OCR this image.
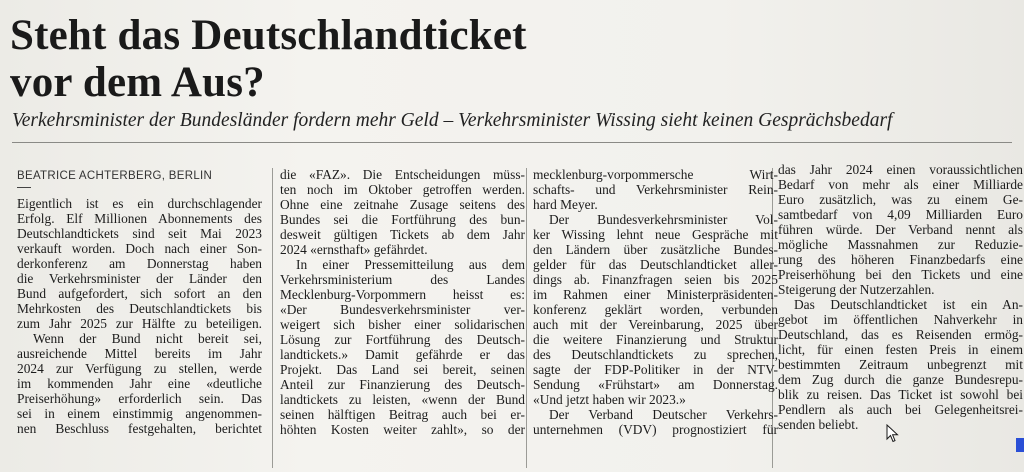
Steht das Deutschlandticket
vor dem Aus?
Verkehrsminister der Bundesländer fordern mehr Geld – Verkehrsminister Wissing sieht keinen Gesprächsbedarf
BEATRICE ACHTERBERG, BERLIN
Eigentlich ist es ein durchschlagender
Erfolg. Elf Millionen Abonnements des
Deutschlandtickets sind seit Mai 2023
verkauft worden. Doch nach einer Son-
derkonferenz am Donnerstag haben
die Verkehrsminister der Länder den
Bund aufgefordert, sich sofort an den
Mehrkosten des Deutschlandtickets bis
zum Jahr 2025 zur Hälfte zu beteiligen.
Wenn der Bund nicht bereit sei,
ausreichende Mittel bereits im Jahr
2024 zur Verfügung zu stellen, werde
im kommenden Jahr eine «deutliche
Preiserhöhung» erforderlich sein. Das
sei in einem einstimmig angenommen-
nen Beschluss festgehalten, berichtet
die «FAZ». Die Entscheidungen müss-
ten noch im Oktober getroffen werden.
Ohne eine zeitnahe Zusage seitens des
Bundes sei die Fortführung des bun-
desweit gültigen Tickets ab dem Jahr
2024 «ernsthaft» gefährdet.
In einer Pressemitteilung aus dem
Verkehrsministerium des Landes
Mecklenburg-Vorpommern heisst es:
«Der Bundesverkehrsminister ver-
weigert sich bisher einer solidarischen
Lösung zur Fortführung des Deutsch-
landtickets.» Damit gefährde er das
Projekt. Das Land sei bereit, seinen
Anteil zur Finanzierung des Deutsch-
landtickets zu leisten, «wenn der Bund
seinen hälftigen Beitrag auch bei er-
höhten Kosten weiter zahlt», so der
mecklenburg-vorpommersche Wirt-
schafts- und Verkehrsminister Rein-
hard Meyer.
Der Bundesverkehrsminister Vol-
ker Wissing lehnt neue Gespräche mit
den Ländern über zusätzliche Bundes-
gelder für das Deutschlandticket aller-
dings ab. Finanzfragen seien bis 2025
im Rahmen einer Ministerpräsidenten-
konferenz geklärt worden, verbunden
auch mit der Vereinbarung, 2025 über
die weitere Finanzierung und Struktur
des Deutschlandtickets zu sprechen,
sagte der FDP-Politiker in der NTV-
Sendung «Frühstart» am Donnerstag.
«Und jetzt haben wir 2023.»
Der Verband Deutscher Verkehrs-
unternehmen (VDV) prognostiziert für
das Jahr 2024 einen voraussichtlichen
Bedarf von mehr als einer Milliarde
Euro zusätzlich, was zu einem Ge-
samtbedarf von 4,09 Milliarden Euro
führen würde. Der Verband nennt als
mögliche Massnahmen zur Reduzie-
rung des höheren Finanzbedarfs eine
Preiserhöhung bei den Tickets und eine
Steigerung der Nutzerzahlen.
Das Deutschlandticket ist ein An-
gebot im öffentlichen Nahverkehr in
Deutschland, das es Reisenden ermög-
licht, für einen festen Preis in einem
bestimmten Zeitraum unbegrenzt mit
dem Zug durch die ganze Bundesrepu-
blik zu reisen. Das Ticket ist sowohl bei
Pendlern als auch bei Gelegenheitsrei-
senden beliebt.
